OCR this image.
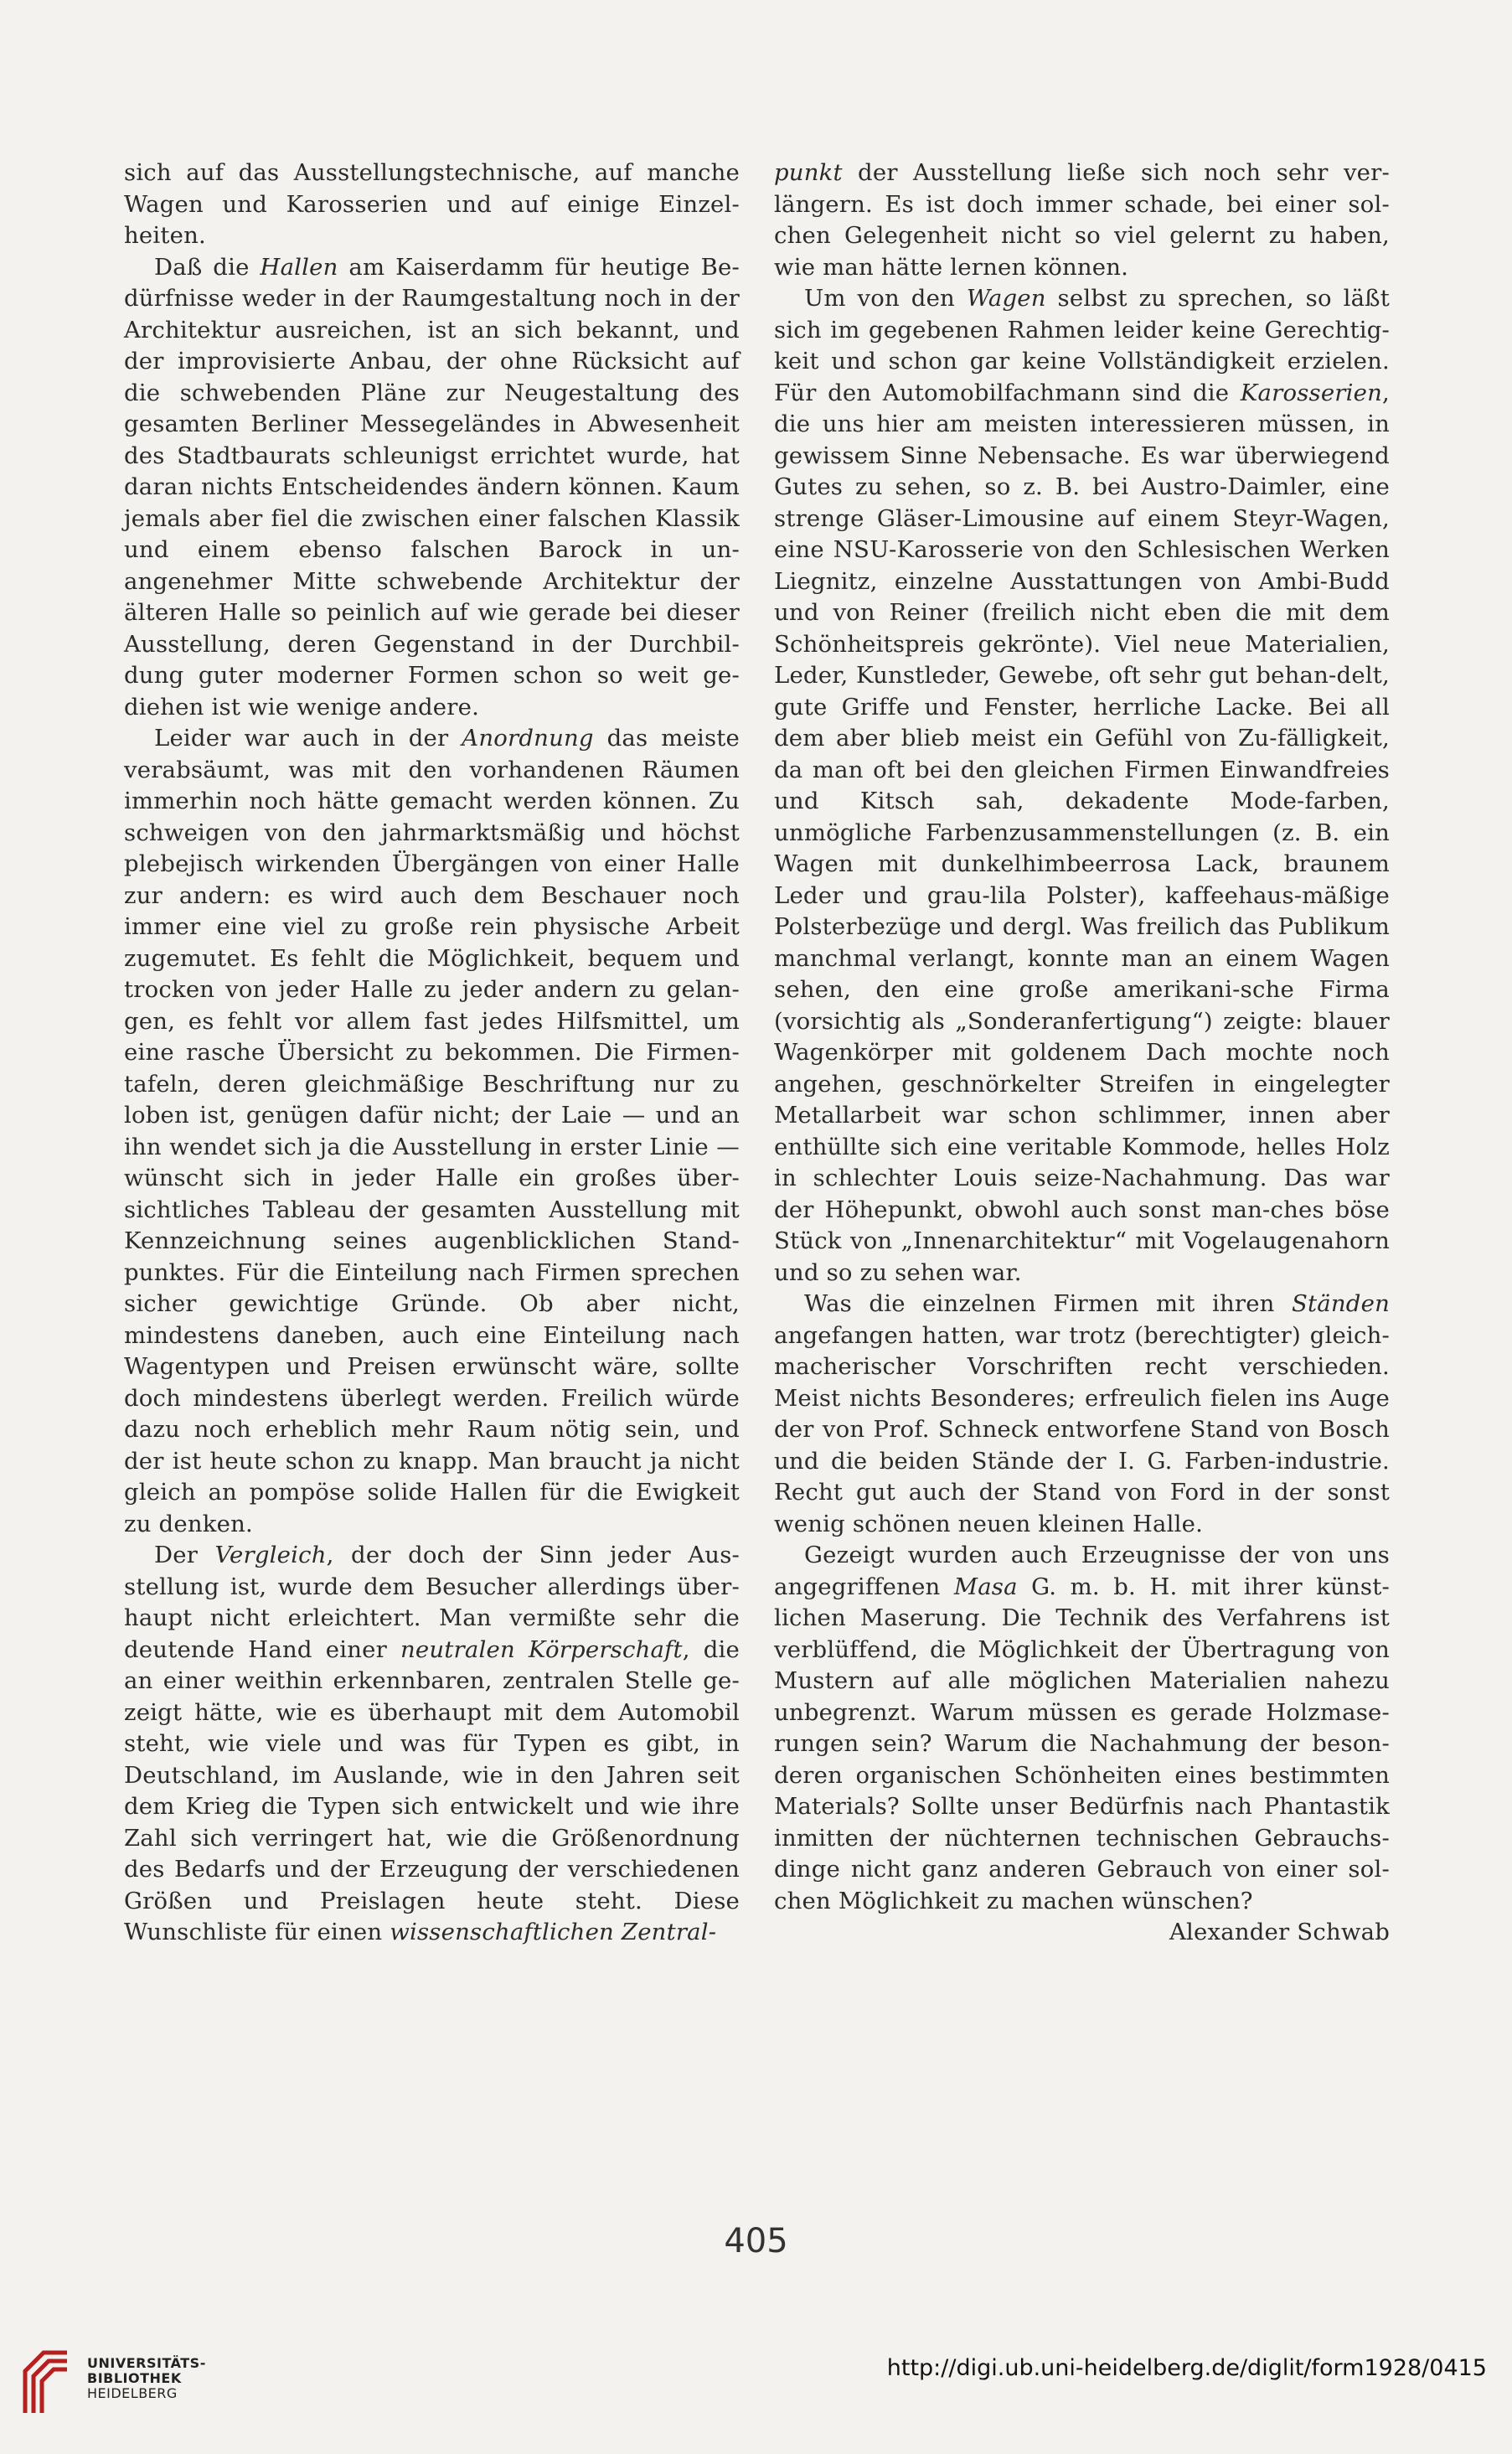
sich auf das Ausstellungstechnische, auf manche Wagen und Karosserien und auf einige Einzel-heiten.

Daß die Hallen am Kaiserdamm für heutige Be-dürfnisse weder in der Raumgestaltung noch in der Architektur ausreichen, ist an sich bekannt, und der improvisierte Anbau, der ohne Rücksicht auf die schwebenden Pläne zur Neugestaltung des gesamten Berliner Messegeländes in Abwesenheit des Stadtbaurats schleunigst errichtet wurde, hat daran nichts Entscheidendes ändern können. Kaum jemals aber fiel die zwischen einer falschen Klassik und einem ebenso falschen Barock in un-angenehmer Mitte schwebende Architektur der älteren Halle so peinlich auf wie gerade bei dieser Ausstellung, deren Gegenstand in der Durchbil-dung guter moderner Formen schon so weit ge-diehen ist wie wenige andere.

Leider war auch in der Anordnung das meiste verabsäumt, was mit den vorhandenen Räumen immerhin noch hätte gemacht werden können. Zu schweigen von den jahrmarktsmäßig und höchst plebejisch wirkenden Übergängen von einer Halle zur andern: es wird auch dem Beschauer noch immer eine viel zu große rein physische Arbeit zugemutet. Es fehlt die Möglichkeit, bequem und trocken von jeder Halle zu jeder andern zu gelan-gen, es fehlt vor allem fast jedes Hilfsmittel, um eine rasche Übersicht zu bekommen. Die Firmen-tafeln, deren gleichmäßige Beschriftung nur zu loben ist, genügen dafür nicht; der Laie — und an ihn wendet sich ja die Ausstellung in erster Linie — wünscht sich in jeder Halle ein großes über-sichtliches Tableau der gesamten Ausstellung mit Kennzeichnung seines augenblicklichen Stand-punktes. Für die Einteilung nach Firmen sprechen sicher gewichtige Gründe. Ob aber nicht, mindestens daneben, auch eine Einteilung nach Wagentypen und Preisen erwünscht wäre, sollte doch mindestens überlegt werden. Freilich würde dazu noch erheblich mehr Raum nötig sein, und der ist heute schon zu knapp. Man braucht ja nicht gleich an pompöse solide Hallen für die Ewigkeit zu denken.

Der Vergleich, der doch der Sinn jeder Aus-stellung ist, wurde dem Besucher allerdings über-haupt nicht erleichtert. Man vermißte sehr die deutende Hand einer neutralen Körperschaft, die an einer weithin erkennbaren, zentralen Stelle ge-zeigt hätte, wie es überhaupt mit dem Automobil steht, wie viele und was für Typen es gibt, in Deutschland, im Auslande, wie in den Jahren seit dem Krieg die Typen sich entwickelt und wie ihre Zahl sich verringert hat, wie die Größenordnung des Bedarfs und der Erzeugung der verschiedenen Größen und Preislagen heute steht. Diese Wunschliste für einen wissenschaftlichen Zentral-

punkt der Ausstellung ließe sich noch sehr ver-längern. Es ist doch immer schade, bei einer sol-chen Gelegenheit nicht so viel gelernt zu haben, wie man hätte lernen können.

Um von den Wagen selbst zu sprechen, so läßt sich im gegebenen Rahmen leider keine Gerechtig-keit und schon gar keine Vollständigkeit erzielen. Für den Automobilfachmann sind die Karosserien, die uns hier am meisten interessieren müssen, in gewissem Sinne Nebensache. Es war überwiegend Gutes zu sehen, so z. B. bei Austro-Daimler, eine strenge Gläser-Limousine auf einem Steyr-Wagen, eine NSU-Karosserie von den Schlesischen Werken Liegnitz, einzelne Ausstattungen von Ambi-Budd und von Reiner (freilich nicht eben die mit dem Schönheitspreis gekrönte). Viel neue Materialien, Leder, Kunstleder, Gewebe, oft sehr gut behan-delt, gute Griffe und Fenster, herrliche Lacke. Bei all dem aber blieb meist ein Gefühl von Zu-fälligkeit, da man oft bei den gleichen Firmen Einwandfreies und Kitsch sah, dekadente Mode-farben, unmögliche Farbenzusammenstellungen (z. B. ein Wagen mit dunkelhimbeerrosa Lack, braunem Leder und grau-lila Polster), kaffeehaus-mäßige Polsterbezüge und dergl. Was freilich das Publikum manchmal verlangt, konnte man an einem Wagen sehen, den eine große amerikani-sche Firma (vorsichtig als „Sonderanfertigung“) zeigte: blauer Wagenkörper mit goldenem Dach mochte noch angehen, geschnörkelter Streifen in eingelegter Metallarbeit war schon schlimmer, innen aber enthüllte sich eine veritable Kommode, helles Holz in schlechter Louis seize-Nachahmung. Das war der Höhepunkt, obwohl auch sonst man-ches böse Stück von „Innenarchitektur“ mit Vogelaugenahorn und so zu sehen war.

Was die einzelnen Firmen mit ihren Ständen angefangen hatten, war trotz (berechtigter) gleich-macherischer Vorschriften recht verschieden. Meist nichts Besonderes; erfreulich fielen ins Auge der von Prof. Schneck entworfene Stand von Bosch und die beiden Stände der I. G. Farben-industrie. Recht gut auch der Stand von Ford in der sonst wenig schönen neuen kleinen Halle.

Gezeigt wurden auch Erzeugnisse der von uns angegriffenen Masa G. m. b. H. mit ihrer künst-lichen Maserung. Die Technik des Verfahrens ist verblüffend, die Möglichkeit der Übertragung von Mustern auf alle möglichen Materialien nahezu unbegrenzt. Warum müssen es gerade Holzmase-rungen sein? Warum die Nachahmung der beson-deren organischen Schönheiten eines bestimmten Materials? Sollte unser Bedürfnis nach Phantastik inmitten der nüchternen technischen Gebrauchs-dinge nicht ganz anderen Gebrauch von einer sol-chen Möglichkeit zu machen wünschen?

Alexander Schwab

405
UNIVERSITÄTS-
BIBLIOTHEK
HEIDELBERG
http://digi.ub.uni-heidelberg.de/diglit/form1928/0415
